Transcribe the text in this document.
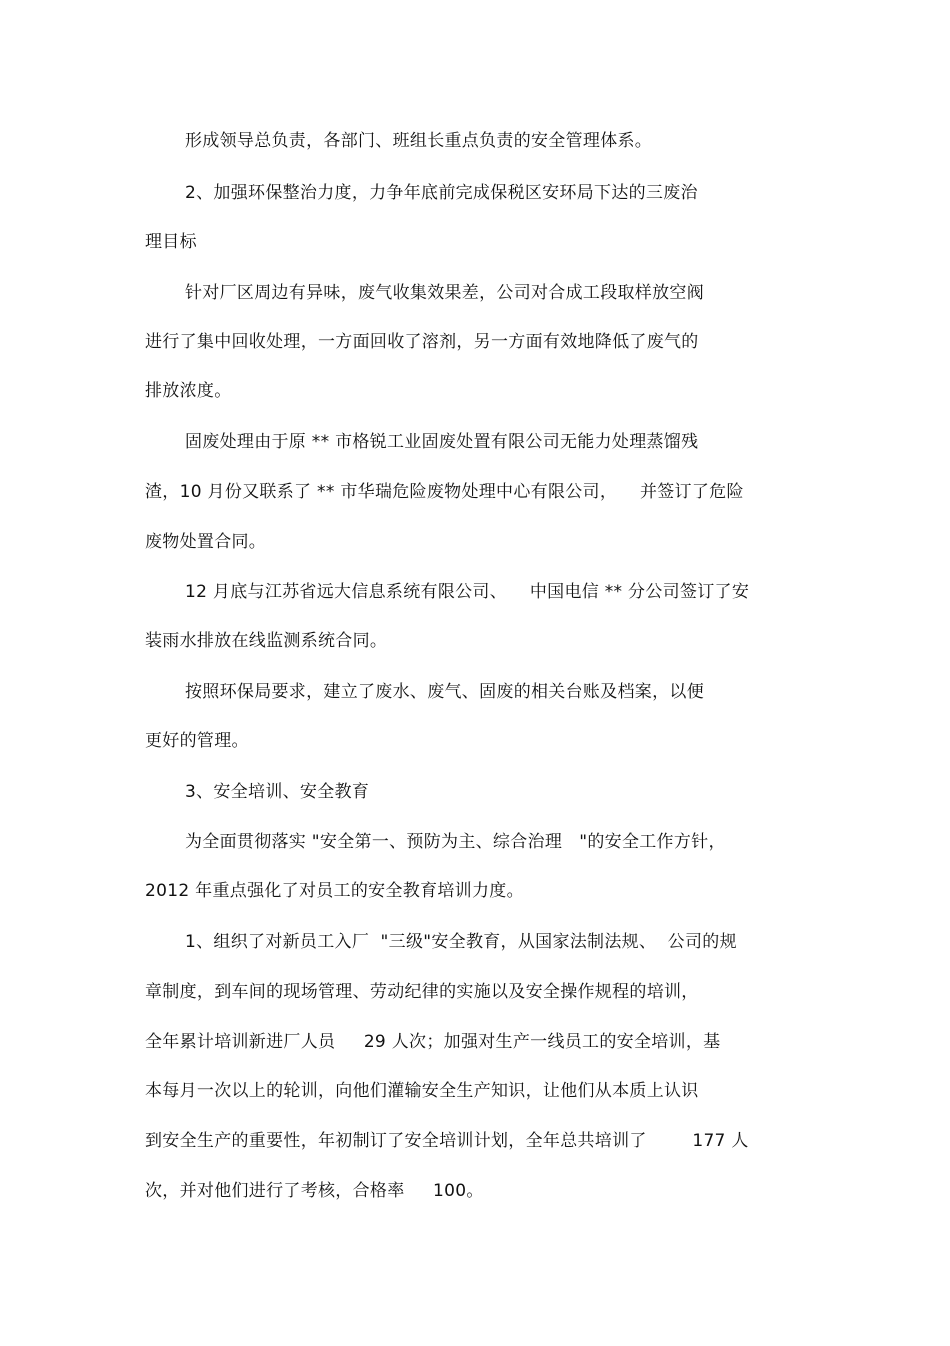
形成领导总负责，各部门、班组长重点负责的安全管理体系。
2、加强环保整治力度，力争年底前完成保税区安环局下达的三废治
理目标
针对厂区周边有异味，废气收集效果差，公司对合成工段取样放空阀
进行了集中回收处理，一方面回收了溶剂，另一方面有效地降低了废气的
排放浓度。
固废处理由于原 ** 市格锐工业固废处置有限公司无能力处理蒸馏残
渣，10 月份又联系了 ** 市华瑞危险废物处理中心有限公司，    并签订了危险
废物处置合同。
12 月底与江苏省远大信息系统有限公司、    中国电信 ** 分公司签订了安
装雨水排放在线监测系统合同。
按照环保局要求，建立了废水、废气、固废的相关台账及档案，以便
更好的管理。
3、安全培训、安全教育
为全面贯彻落实 "安全第一、预防为主、综合治理   "的安全工作方针，
2012 年重点强化了对员工的安全教育培训力度。
1、组织了对新员工入厂  "三级"安全教育，从国家法制法规、  公司的规
章制度，到车间的现场管理、劳动纪律的实施以及安全操作规程的培训，
全年累计培训新进厂人员     29 人次；加强对生产一线员工的安全培训，基
本每月一次以上的轮训，向他们灌输安全生产知识，让他们从本质上认识
到安全生产的重要性，年初制订了安全培训计划，全年总共培训了        177 人
次，并对他们进行了考核，合格率     100。
